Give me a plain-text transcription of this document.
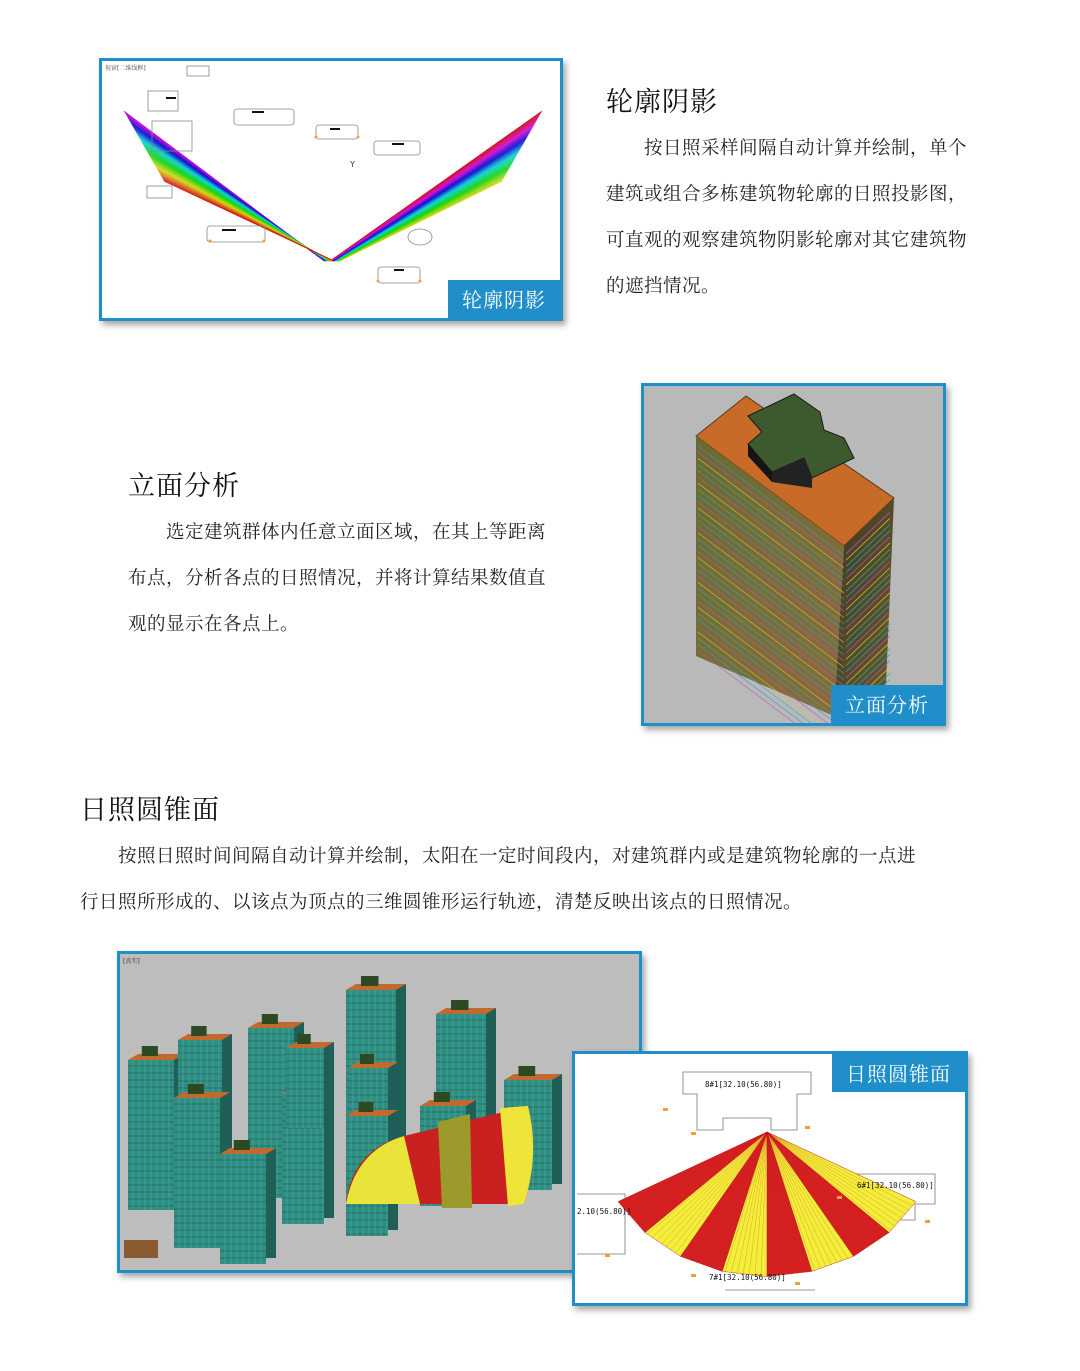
视窗[二维线框]
Y
轮廓阴影
轮廓阴影
按日照采样间隔自动计算并绘制，单个
建筑或组合多栋建筑物轮廓的日照投影图，
可直观的观察建筑物阴影轮廓对其它建筑物
的遮挡情况。
立面分析
选定建筑群体内任意立面区域，在其上等距离
布点，分析各点的日照情况，并将计算结果数值直
观的显示在各点上。
立面分析
日照圆锥面
按照日照时间间隔自动计算并绘制，太阳在一定时间段内，对建筑群内或是建筑物轮廓的一点进
行日照所形成的、以该点为顶点的三维圆锥形运行轨迹，清楚反映出该点的日照情况。
[真实]
8#1[32.10(56.80)]
6#1[32.10(56.80)]
2.10(56.80)]
7#1[32.10(56.80)]
日照圆锥面
